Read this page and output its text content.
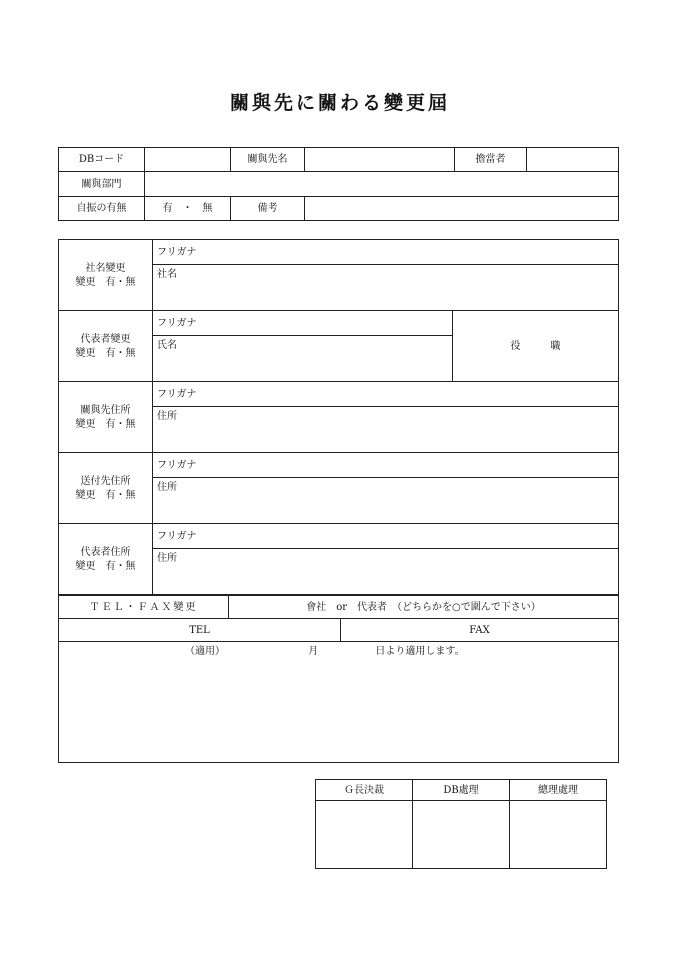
關與先に關わる變更屆
DBコード		關與先名		擔當者	
關與部門					
自振の有無	有　・　無	備考			
社名變更
變更　有・無	フリガナ	
	社名	
代表者變更
變更　有・無	フリガナ	役　　　職
	氏名	
關與先住所
變更　有・無	フリガナ	
	住所	
送付先住所
變更　有・無	フリガナ	
	住所	
代表者住所
變更　有・無	フリガナ	
	住所	
ＴＥＬ・ＦＡＸ變更	會社　or　代表者　（どちらかを○で圍んで下さい）	
TEL		FAX
（適用） 月 日より適用します。		
Ｇ長決裁	DB處理	總理處理
